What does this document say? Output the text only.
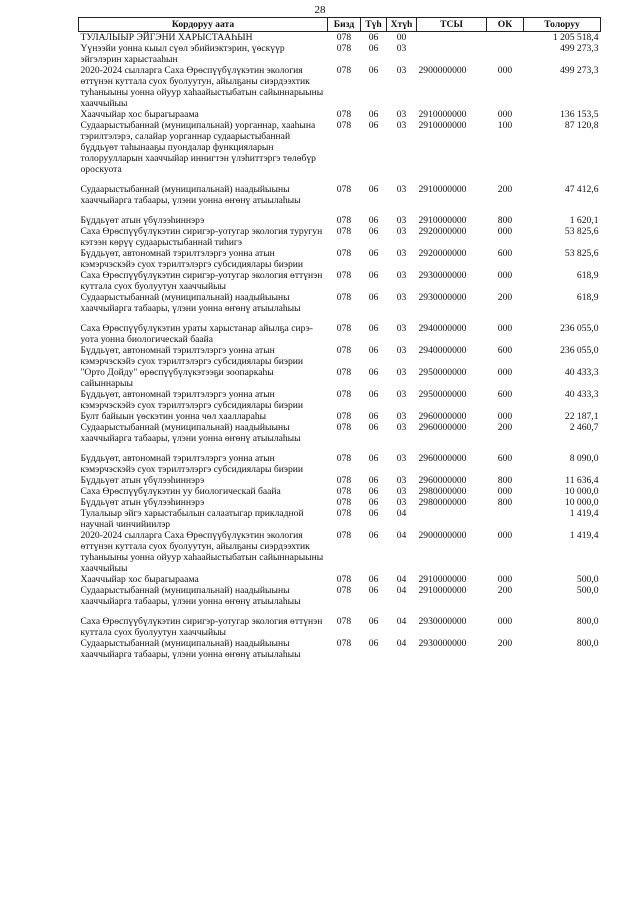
28
Кордоруу аата	Бизд	Түһ	Хтүһ	ТСЫ	ОК	Толоруу
ТУЛАЛЫЫР ЭЙГЭНИ ХАРЫСТААҺЫН	078	06	00			1 205 518,4
Үүнээйи уонна кыыл сүөл эбийиэктэрин, үөскүүр эйгэлэрин харыстааһын	078	06	03			499 273,3
2020-2024 сылларга Саха Өрөспүүбүлүкэтин экология өттүнэн куттала суох буолуутун, айылҕаны сиэрдээхтик туһаныыны уонна ойуур хаһаайыстыбатын сайыннарыыны хааччыйыы	078	06	03	2900000000	000	499 273,3
Хааччыйар хос бырагыраама	078	06	03	2910000000	000	136 153,5
Судаарыстыбаннай (муниципальнай) уорганнар, хааһына тэрилтэлэрэ, салайар уорганнар судаарыстыбаннай бүддьүөт таһынааҕы пуондалар функцияларын толоруулларын хааччыйар иннигтэн үлэһиттэргэ төлөбүр ороскуота	078	06	03	2910000000	100	87 120,8

Судаарыстыбаннай (муниципальнай) наадыйыыны хааччыйарга табаары, үлэни уонна өҥөнү атыылаһыы	078	06	03	2910000000	200	47 412,6

Бүддьүөт атын үбүлээһиннэрэ	078	06	03	2910000000	800	1 620,1
Саха Өрөспүүбүлүкэтин сиригэр-уотугар экология туругун кэтээн көрүү судаарыстыбаннай тиһигэ	078	06	03	2920000000	000	53 825,6
Бүддьүөт, автономнай тэрилтэлэргэ уонна атын кэмэрчэскэйэ суох тэрилтэлэргэ субсидиялары биэрии	078	06	03	2920000000	600	53 825,6
Саха Өрөспүүбүлүкэтин сиригэр-уотугар экология өттүнэн куттала суох буолуутун хааччыйыы	078	06	03	2930000000	000	618,9
Судаарыстыбаннай (муниципальнай) наадыйыыны хааччыйарга табаары, үлэни уонна өҥөнү атыылаһыы	078	06	03	2930000000	200	618,9

Саха Өрөспүүбүлүкэтин ураты харыстанар айылҕа сирэ-уота уонна биологическай баайа	078	06	03	2940000000	000	236 055,0
Бүддьүөт, автономнай тэрилтэлэргэ уонна атын кэмэрчэскэйэ суох тэрилтэлэргэ субсидиялары биэрии	078	06	03	2940000000	600	236 055,0
"Орто Дойду" өрөспүүбүлүкэтээҕи зоопаркаһы сайыннарыы	078	06	03	2950000000	000	40 433,3
Бүддьүөт, автономнай тэрилтэлэргэ уонна атын кэмэрчэскэйэ суох тэрилтэлэргэ субсидиялары биэрии	078	06	03	2950000000	600	40 433,3
Булт байыын үөскэтин уонна чөл хааллараһы	078	06	03	2960000000	000	22 187,1
Судаарыстыбаннай (муниципальнай) наадыйыыны хааччыйарга табаары, үлэни уонна өҥөнү атыылаһыы	078	06	03	2960000000	200	2 460,7

Бүддьүөт, автономнай тэрилтэлэргэ уонна атын кэмэрчэскэйэ суох тэрилтэлэргэ субсидиялары биэрии	078	06	03	2960000000	600	8 090,0
Бүддьүөт атын үбүлээһиннэрэ	078	06	03	2960000000	800	11 636,4
Саха Өрөспүүбүлүкэтин уу биологическай баайа	078	06	03	2980000000	000	10 000,0
Бүддьүөт атын үбүлээһиннэрэ	078	06	03	2980000000	800	10 000,0
Тулалыыр эйгэ харыстабылын салаатыгар прикладной научнай чинчийиилэр	078	06	04			1 419,4
2020-2024 сылларга Саха Өрөспүүбүлүкэтин экология өттүнэн куттала суох буолуутун, айылҕаны сиэрдээхтик туһаныыны уонна ойуур хаһаайыстыбатын сайыннарыыны хааччыйыы	078	06	04	2900000000	000	1 419,4
Хааччыйар хос бырагыраама	078	06	04	2910000000	000	500,0
Судаарыстыбаннай (муниципальнай) наадыйыыны хааччыйарга табаары, үлэни уонна өҥөнү атыылаһыы	078	06	04	2910000000	200	500,0

Саха Өрөспүүбүлүкэтин сиригэр-уотугар экология өттүнэн куттала суох буолуутун хааччыйыы	078	06	04	2930000000	000	800,0
Судаарыстыбаннай (муниципальнай) наадыйыыны хааччыйарга табаары, үлэни уонна өҥөнү атыылаһыы	078	06	04	2930000000	200	800,0
